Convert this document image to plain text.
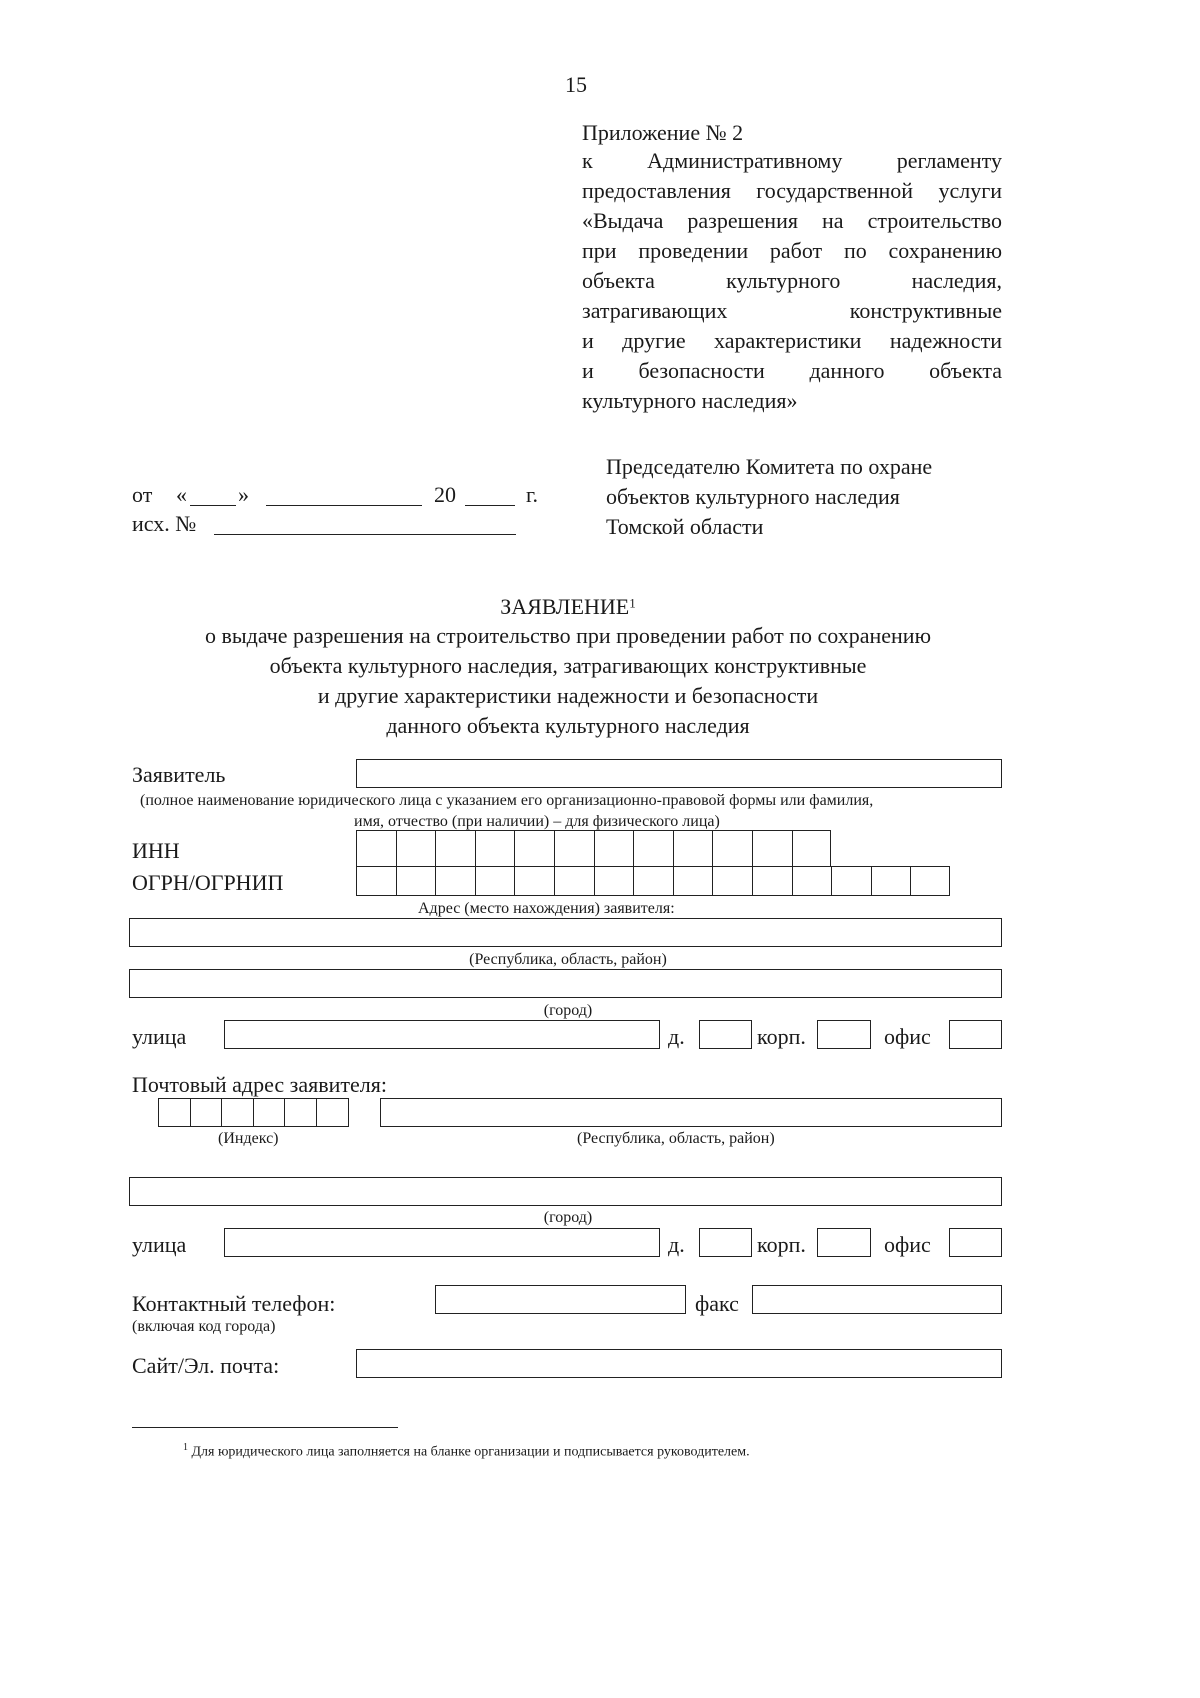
15
Приложение № 2
к Административному регламенту
предоставления государственной услуги
«Выдача разрешения на строительство
при проведении работ по сохранению
объекта культурного наследия,
затрагивающих конструктивные
и другие характеристики надежности
и безопасности данного объекта
культурного наследия»
Председателю Комитета по охране
объектов культурного наследия
Томской области
от « »	20	г.
исх. №
ЗАЯВЛЕНИЕ$^1$
о выдаче разрешения на строительство при проведении работ по сохранению
объекта культурного наследия, затрагивающих конструктивные
и другие характеристики надежности и безопасности
данного объекта культурного наследия
Заявитель
(полное наименование юридического лица с указанием его организационно-правовой формы или фамилия,
имя, отчество (при наличии) – для физического лица)
ИНН
ОГРН/ОГРНИП
Адрес (место нахождения) заявителя:
(Республика, область, район)
(город)
улица	д.	корп.	офис
Почтовый адрес заявителя:
(Индекс)	(Республика, область, район)
(город)
улица	д.	корп.	офис
Контактный телефон:
(включая код города)
факс
Сайт/Эл. почта:
$^1$ Для юридического лица заполняется на бланке организации и подписывается руководителем.
